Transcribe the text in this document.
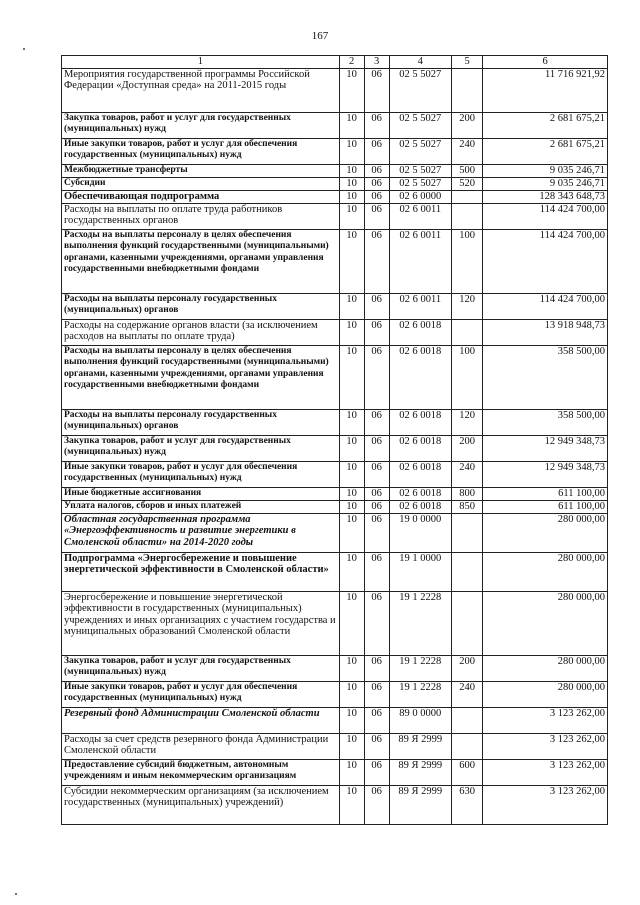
167
1	2	3	4	5	6
Мероприятия государственной программы Российской Федерации «Доступная среда» на 2011-2015 годы	10	06	02 5 5027		11 716 921,92
Закупка товаров, работ и услуг для государственных (муниципальных) нужд	10	06	02 5 5027	200	2 681 675,21
Иные закупки товаров, работ и услуг для обеспечения государственных (муниципальных) нужд	10	06	02 5 5027	240	2 681 675,21
Межбюджетные трансферты	10	06	02 5 5027	500	9 035 246,71
Субсидии	10	06	02 5 5027	520	9 035 246,71
Обеспечивающая подпрограмма	10	06	02 6 0000		128 343 648,73
Расходы на выплаты по оплате труда работников государственных органов	10	06	02 6 0011		114 424 700,00
Расходы на выплаты персоналу в целях обеспечения выполнения функций государственными (муниципальными) органами, казенными учреждениями, органами управления государственными внебюджетными фондами	10	06	02 6 0011	100	114 424 700,00
Расходы на выплаты персоналу государственных (муниципальных) органов	10	06	02 6 0011	120	114 424 700,00
Расходы на содержание органов власти (за исключением расходов на выплаты по оплате труда)	10	06	02 6 0018		13 918 948,73
Расходы на выплаты персоналу в целях обеспечения выполнения функций государственными (муниципальными) органами, казенными учреждениями, органами управления государственными внебюджетными фондами	10	06	02 6 0018	100	358 500,00
Расходы на выплаты персоналу государственных (муниципальных) органов	10	06	02 6 0018	120	358 500,00
Закупка товаров, работ и услуг для государственных (муниципальных) нужд	10	06	02 6 0018	200	12 949 348,73
Иные закупки товаров, работ и услуг для обеспечения государственных (муниципальных) нужд	10	06	02 6 0018	240	12 949 348,73
Иные бюджетные ассигнования	10	06	02 6 0018	800	611 100,00
Уплата налогов, сборов и иных платежей	10	06	02 6 0018	850	611 100,00
Областная государственная программа «Энергоэффективность и развитие энергетики в Смоленской области» на 2014-2020 годы	10	06	19 0 0000		280 000,00
Подпрограмма «Энергосбережение и повышение энергетической эффективности в Смоленской области»	10	06	19 1 0000		280 000,00
Энергосбережение и повышение энергетической эффективности в государственных (муниципальных) учреждениях и иных организациях с участием государства и муниципальных образований Смоленской области	10	06	19 1 2228		280 000,00
Закупка товаров, работ и услуг для государственных (муниципальных) нужд	10	06	19 1 2228	200	280 000,00
Иные закупки товаров, работ и услуг для обеспечения государственных (муниципальных) нужд	10	06	19 1 2228	240	280 000,00
Резервный фонд Администрации Смоленской области	10	06	89 0 0000		3 123 262,00
Расходы за счет средств резервного фонда Администрации Смоленской области	10	06	89 Я 2999		3 123 262,00
Предоставление субсидий бюджетным, автономным учреждениям и иным некоммерческим организациям	10	06	89 Я 2999	600	3 123 262,00
Субсидии некоммерческим организациям (за исключением государственных (муниципальных) учреждений)	10	06	89 Я 2999	630	3 123 262,00
